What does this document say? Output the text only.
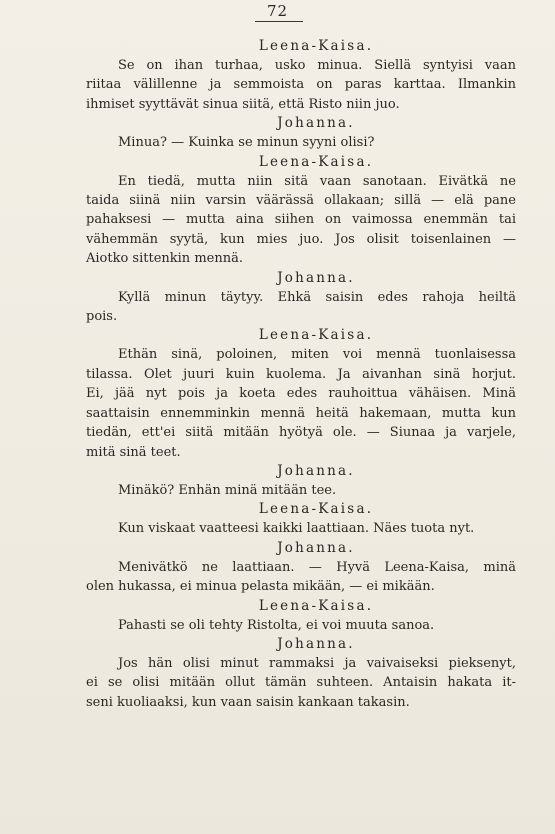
72
Leena-Kaisa.
Se on ihan turhaa, usko minua. Siellä syntyisi vaan
riitaa välillenne ja semmoista on paras karttaa. Ilmankin
ihmiset syyttävät sinua siitä, että Risto niin juo.
Johanna.
Minua? — Kuinka se minun syyni olisi?
Leena-Kaisa.
En tiedä, mutta niin sitä vaan sanotaan. Eivätkä ne
taida siinä niin varsin väärässä ollakaan; sillä — elä pane
pahaksesi — mutta aina siihen on vaimossa enemmän tai
vähemmän syytä, kun mies juo. Jos olisit toisenlainen —
Aiotko sittenkin mennä.
Johanna.
Kyllä minun täytyy. Ehkä saisin edes rahoja heiltä
pois.
Leena-Kaisa.
Ethän sinä, poloinen, miten voi mennä tuonlaisessa
tilassa. Olet juuri kuin kuolema. Ja aivanhan sinä horjut.
Ei, jää nyt pois ja koeta edes rauhoittua vähäisen. Minä
saattaisin ennemminkin mennä heitä hakemaan, mutta kun
tiedän, ett'ei siitä mitään hyötyä ole. — Siunaa ja varjele,
mitä sinä teet.
Johanna.
Minäkö? Enhän minä mitään tee.
Leena-Kaisa.
Kun viskaat vaatteesi kaikki laattiaan. Näes tuota nyt.
Johanna.
Menivätkö ne laattiaan. — Hyvä Leena-Kaisa, minä
olen hukassa, ei minua pelasta mikään, — ei mikään.
Leena-Kaisa.
Pahasti se oli tehty Ristolta, ei voi muuta sanoa.
Johanna.
Jos hän olisi minut rammaksi ja vaivaiseksi pieksenyt,
ei se olisi mitään ollut tämän suhteen. Antaisin hakata it-
seni kuoliaaksi, kun vaan saisin kankaan takasin.
